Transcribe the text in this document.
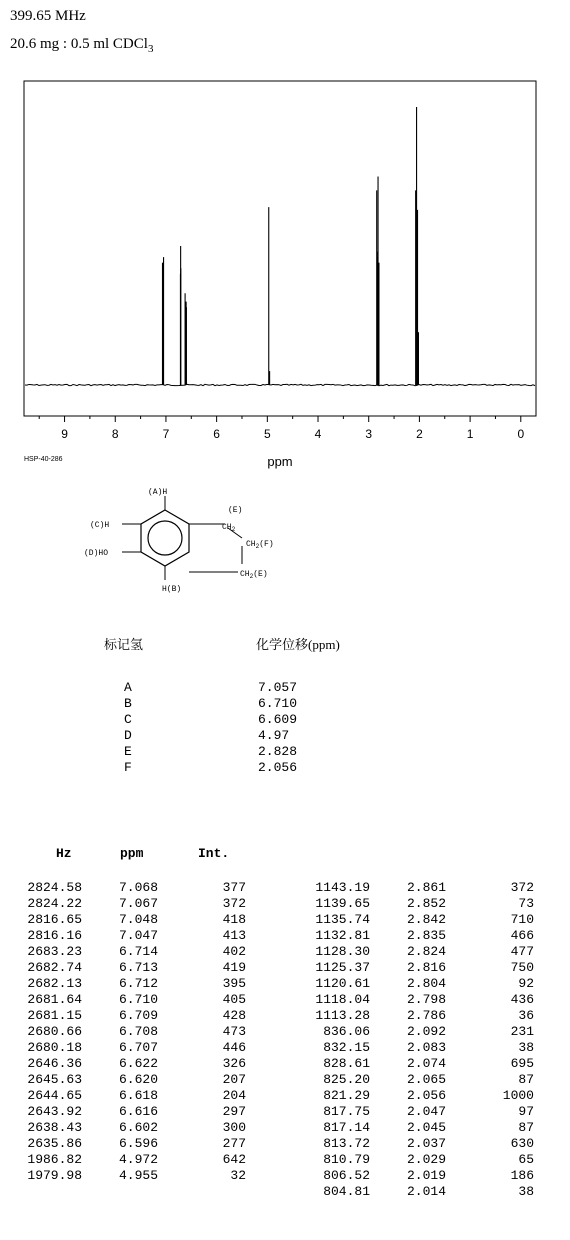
399.65 MHz
20.6 mg : 0.5 ml CDCl$_3$
9	8	7	6	5	4	3	2	1	0
ppm
HSP-40-286
(A)H
(C)H
(D)HO
H(B)
(E)
$CH_2$
$CH_2(F)$
$CH_2(E)$
标记氢	化学位移(ppm)
A	7.057
B	6.710
C	6.609
D	4.97
E	2.828
F	2.056
Hz	ppm	Int.
2824.58	7.068	377
2824.22	7.067	372
2816.65	7.048	418
2816.16	7.047	413
2683.23	6.714	402
2682.74	6.713	419
2682.13	6.712	395
2681.64	6.710	405
2681.15	6.709	428
2680.66	6.708	473
2680.18	6.707	446
2646.36	6.622	326
2645.63	6.620	207
2644.65	6.618	204
2643.92	6.616	297
2638.43	6.602	300
2635.86	6.596	277
1986.82	4.972	642
1979.98	4.955	32
1143.19	2.861	372
1139.65	2.852	73
1135.74	2.842	710
1132.81	2.835	466
1128.30	2.824	477
1125.37	2.816	750
1120.61	2.804	92
1118.04	2.798	436
1113.28	2.786	36
836.06	2.092	231
832.15	2.083	38
828.61	2.074	695
825.20	2.065	87
821.29	2.056	1000
817.75	2.047	97
817.14	2.045	87
813.72	2.037	630
810.79	2.029	65
806.52	2.019	186
804.81	2.014	38
